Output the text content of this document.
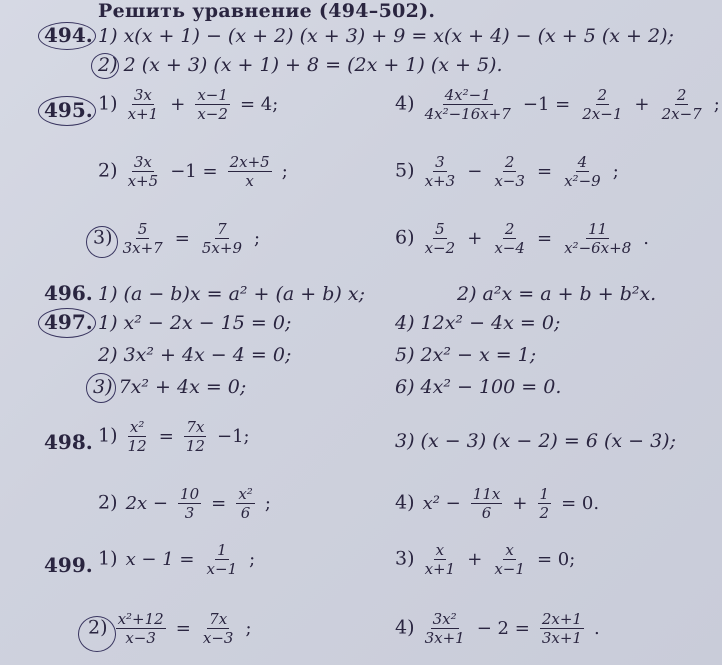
Решить уравнение (494–502).
494. 1) x(x + 1) − (x + 2) (x + 3) + 9 = x(x + 4) − (x + 5 (x + 2);
2) 2 (x + 3) (x + 1) + 8 = (2x + 1) (x + 5).
495. $1) \frac{3x}{x+1} + \frac{x-1}{x-2} = 4$;	$4) \frac{\text{4x²−1}}{\text{4x²−16x+7}} -1 = \frac{2}{2x-1} + \frac{2}{2x-7}$ ;
$2) \frac{3x}{x+5} -1 = \frac{2x+5}{x}$ ;	$5) \frac{3}{x+3} - \frac{2}{x-3} = \frac{4}{\text{x²−9}}$ ;
$3) \frac{5}{3x+7} = \frac{7}{5x+9}$ ;	$6) \frac{5}{x-2} + \frac{2}{x-4} = \frac{11}{\text{x²−6x+8}}$ .
496. 1) (a − b)x = a² + (a + b) x;	2) a²x = a + b + b²x.
497. 1) x² − 2x − 15 = 0;	4) 12x² − 4x = 0;
2) 3x² + 4x − 4 = 0;	5) 2x² − x = 1;
3) 7x² + 4x = 0;	6) 4x² − 100 = 0.
498. $1) \frac{\text{x²}}{12} = \frac{7x}{12} -1$;	3) (x − 3) (x − 2) = 6 (x − 3);
2) $2x - \frac{10}{3} = \frac{\text{x²}}{6}$ ;	4) $x^2 - \frac{11x}{6} + \frac{1}{2} = 0$.
499. 1) $x - 1 = \frac{1}{x-1}$ ;	$3) \frac{x}{x+1} + \frac{x}{x-1} = 0$;
$2) \frac{\text{x²+12}}{x-3} = \frac{7x}{x-3}$ ;	$4) \frac{\text{3x²}}{3x+1} - 2 = \frac{2x+1}{3x+1}$ .
